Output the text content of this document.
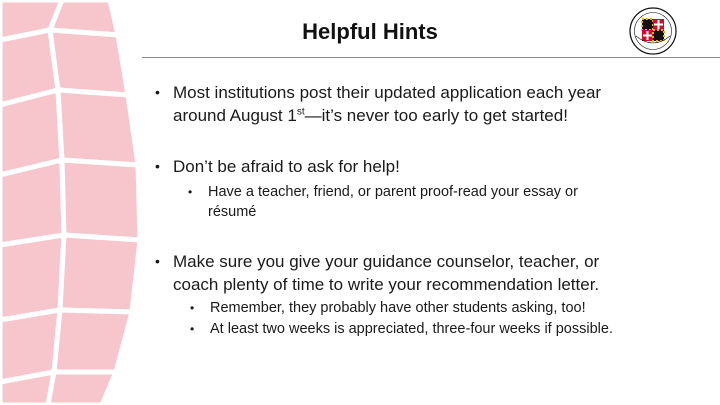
Helpful Hints
• Most institutions post their updated application each year
around August 1st—it’s never too early to get started!
• Don’t be afraid to ask for help!
• Have a teacher, friend, or parent proof-read your essay or
résumé
• Make sure you give your guidance counselor, teacher, or
coach plenty of time to write your recommendation letter.
• Remember, they probably have other students asking, too!
• At least two weeks is appreciated, three-four weeks if possible.
